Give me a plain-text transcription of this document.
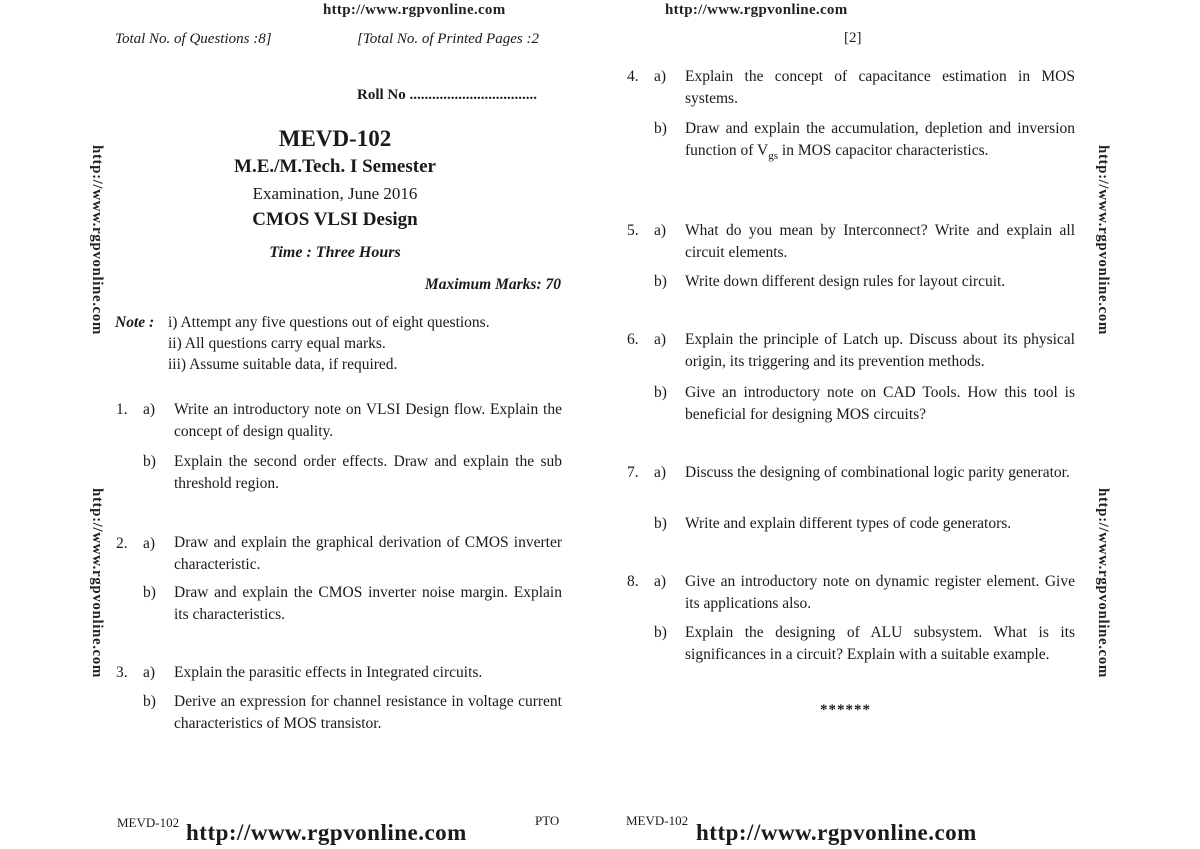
http://www.rgpvonline.com	http://www.rgpvonline.com
http://www.rgpvonline.com
http://www.rgpvonline.com
http://www.rgpvonline.com
http://www.rgpvonline.com
Total No. of Questions :8]	[Total No. of Printed Pages :2
Roll No ..................................
MEVD-102
M.E./M.Tech. I Semester
Examination, June 2016
CMOS VLSI Design
Time : Three Hours
Maximum Marks: 70
Note : i) Attempt any five questions out of eight questions.
ii) All questions carry equal marks.
iii) Assume suitable data, if required.
1. a) Write an introductory note on VLSI Design flow. Explain the concept of design quality.
b) Explain the second order effects. Draw and explain the sub threshold region.
2. a) Draw and explain the graphical derivation of CMOS inverter characteristic.
b) Draw and explain the CMOS inverter noise margin. Explain its characteristics.
3. a) Explain the parasitic effects in Integrated circuits.
b) Derive an expression for channel resistance in voltage current characteristics of MOS transistor.
MEVD-102	PTO
http://www.rgpvonline.com
[2]
4. a) Explain the concept of capacitance estimation in MOS systems.
b) Draw and explain the accumulation, depletion and inversion function of $V_{gs}$ in MOS capacitor characteristics.
5. a) What do you mean by Interconnect? Write and explain all circuit elements.
b) Write down different design rules for layout circuit.
6. a) Explain the principle of Latch up. Discuss about its physical origin, its triggering and its prevention methods.
b) Give an introductory note on CAD Tools. How this tool is beneficial for designing MOS circuits?
7. a) Discuss the designing of combinational logic parity generator.
b) Write and explain different types of code generators.
8. a) Give an introductory note on dynamic register element. Give its applications also.
b) Explain the designing of ALU subsystem. What is its significances in a circuit? Explain with a suitable example.
******
MEVD-102 http://www.rgpvonline.com
